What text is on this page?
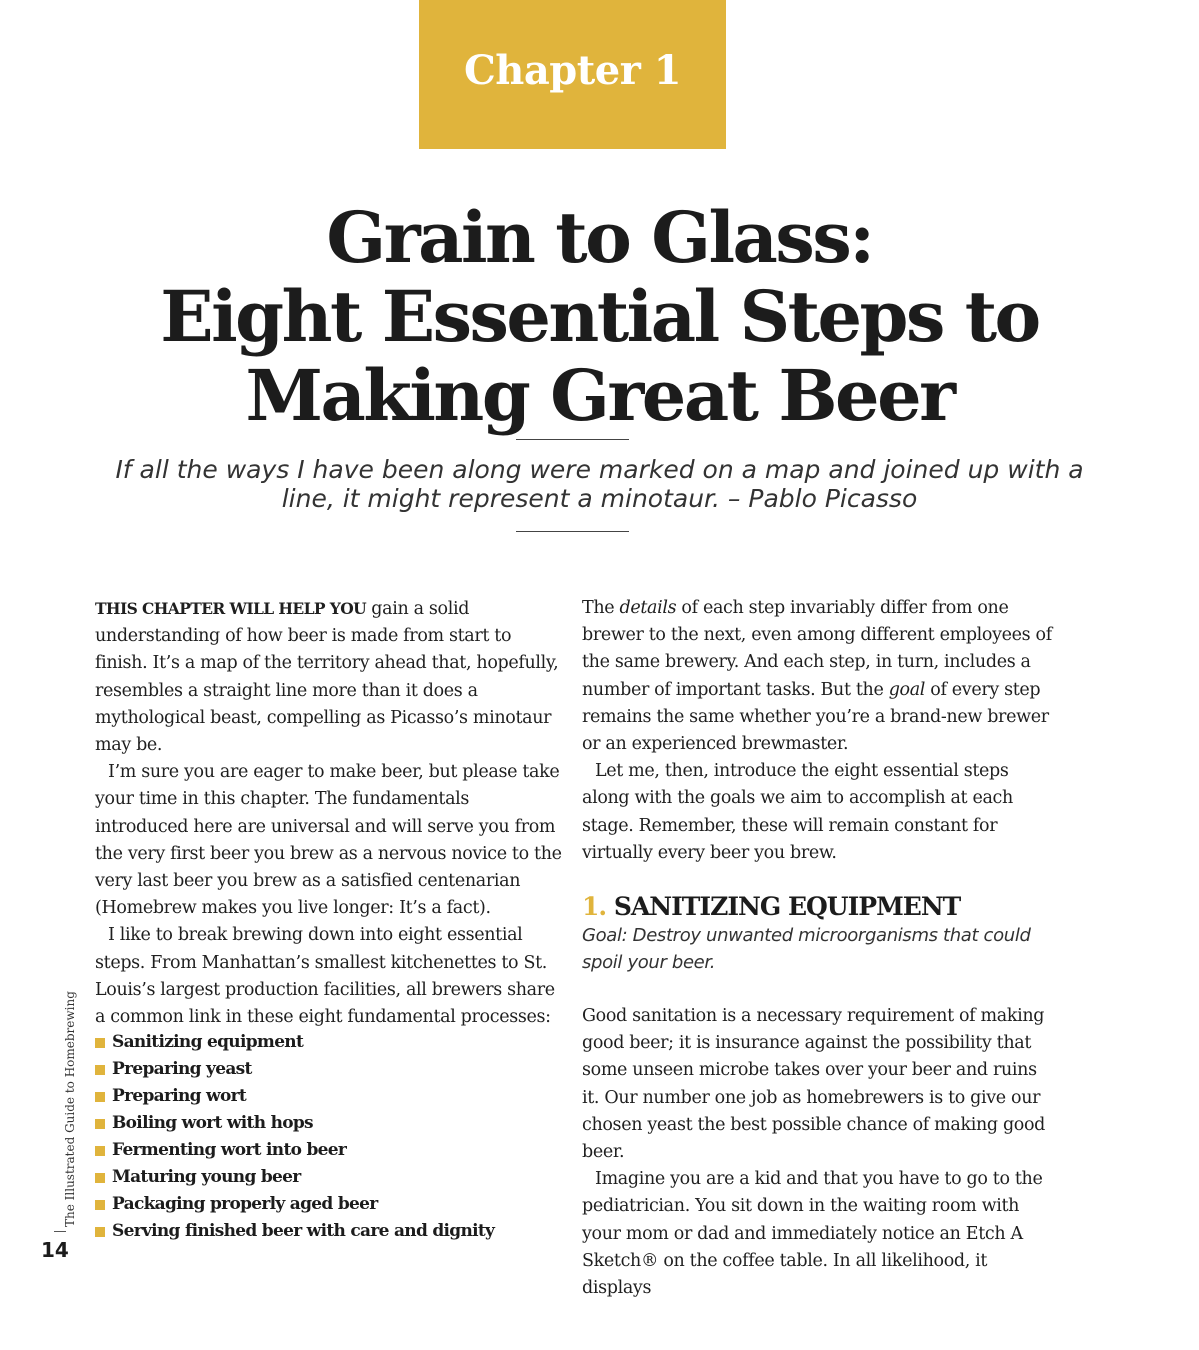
Chapter 1
Grain to Glass:
Eight Essential Steps to
Making Great Beer
If all the ways I have been along were marked on a map and joined up with a
line, it might represent a minotaur. – Pablo Picasso

THIS CHAPTER WILL HELP YOU gain a solid understanding of how beer is made from start to finish. It’s a map of the territory ahead that, hopefully, resembles a straight line more than it does a mythological beast, compelling as Picasso’s minotaur may be.

I’m sure you are eager to make beer, but please take your time in this chapter. The fundamentals introduced here are universal and will serve you from the very first beer you brew as a nervous novice to the very last beer you brew as a satisfied centenarian (Homebrew makes you live longer: It’s a fact).

I like to break brewing down into eight essential steps. From Manhattan’s smallest kitchenettes to St. Louis’s largest production facilities, all brewers share a common link in these eight fundamental processes:

Sanitizing equipment
Preparing yeast
Preparing wort
Boiling wort with hops
Fermenting wort into beer
Maturing young beer
Packaging properly aged beer
Serving finished beer with care and dignity

The details of each step invariably differ from one brewer to the next, even among different employees of the same brewery. And each step, in turn, includes a number of important tasks. But the goal of every step remains the same whether you’re a brand-new brewer or an experienced brewmaster.

Let me, then, introduce the eight essential steps along with the goals we aim to accomplish at each stage. Remember, these will remain constant for virtually every beer you brew.

1. SANITIZING EQUIPMENT

Goal: Destroy unwanted microorganisms that could spoil your beer.

Good sanitation is a necessary requirement of making good beer; it is insurance against the possibility that some unseen microbe takes over your beer and ruins it. Our number one job as homebrewers is to give our chosen yeast the best possible chance of making good beer.

Imagine you are a kid and that you have to go to the pediatrician. You sit down in the waiting room with your mom or dad and immediately notice an Etch A Sketch® on the coffee table. In all likelihood, it displays

The Illustrated Guide to Homebrewing
14
